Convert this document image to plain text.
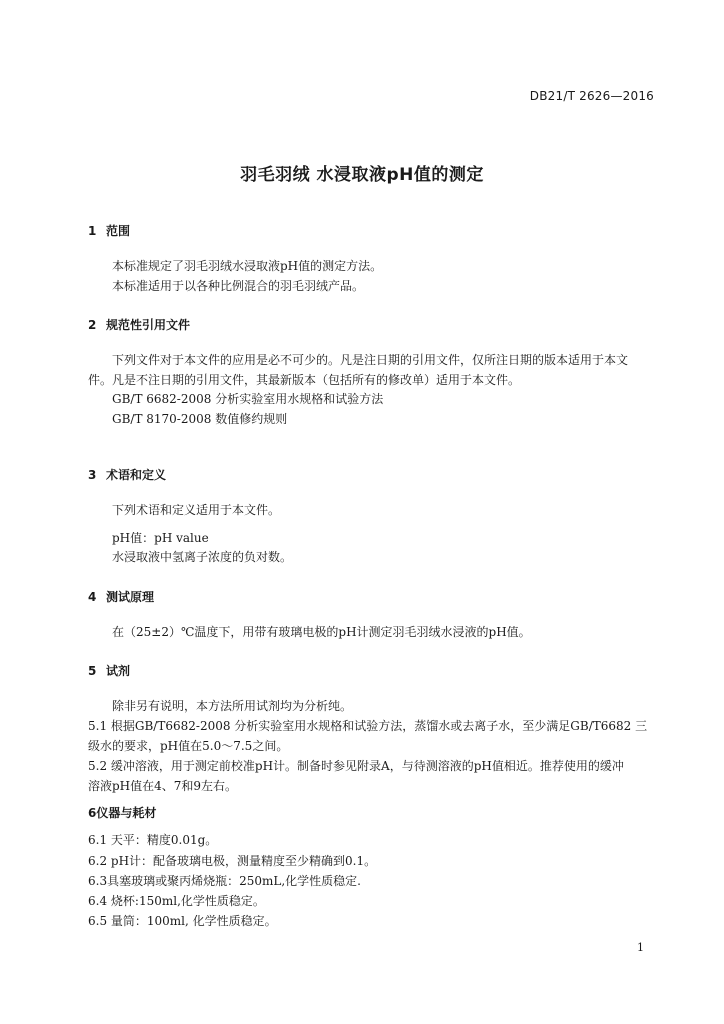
DB21/T 2626—2016
羽毛羽绒 水浸取液pH值的测定
1 范围
本标准规定了羽毛羽绒水浸取液pH值的测定方法。
本标准适用于以各种比例混合的羽毛羽绒产品。
2 规范性引用文件
下列文件对于本文件的应用是必不可少的。凡是注日期的引用文件，仅所注日期的版本适用于本文
件。凡是不注日期的引用文件，其最新版本（包括所有的修改单）适用于本文件。
GB/T 6682-2008 分析实验室用水规格和试验方法
GB/T 8170-2008 数值修约规则
3 术语和定义
下列术语和定义适用于本文件。
pH值：pH value
水浸取液中氢离子浓度的负对数。
4 测试原理
在（25±2）℃温度下，用带有玻璃电极的pH计测定羽毛羽绒水浸液的pH值。
5 试剂
除非另有说明，本方法所用试剂均为分析纯。
5.1 根据GB/T6682-2008 分析实验室用水规格和试验方法，蒸馏水或去离子水，至少满足GB/T6682 三
级水的要求，pH值在5.0～7.5之间。
5.2 缓冲溶液，用于测定前校准pH计。制备时参见附录A，与待测溶液的pH值相近。推荐使用的缓冲
溶液pH值在4、7和9左右。
6仪器与耗材
6.1 天平：精度0.01g。
6.2 pH计：配备玻璃电极，测量精度至少精确到0.1。
6.3具塞玻璃或聚丙烯烧瓶：250mL,化学性质稳定.
6.4 烧杯:150ml,化学性质稳定。
6.5 量筒：100ml, 化学性质稳定。
1
